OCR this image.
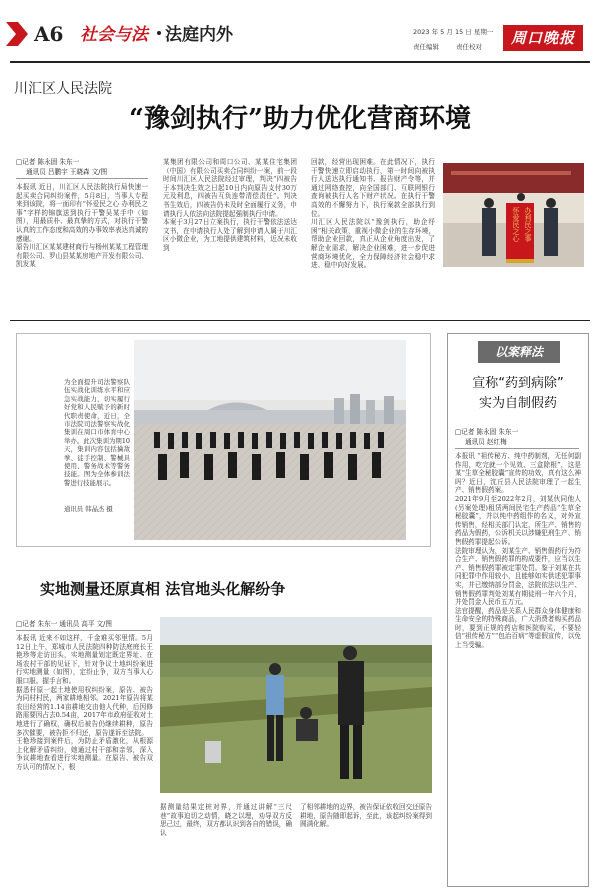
A6 社会与法 法庭内外	2023 年 5 月 15 日 星期一
责任编辑	责任校对	周口晚报
川汇区人民法院
“豫剑执行”助力优化营商环境
□记者 陈永固 朱东一
通讯员 吕鹏宇 王晓森 文/图
本报讯 近日，川汇区人民法院执行局快速一起买卖合同纠纷案件，5月8日，当事人专程来到该院，将一面印有“怀爱民之心 办利民之事”字样的锦旗送到执行干警吴某手中（如图），用最质朴、最真挚的方式，对执行干警认真的工作态度和高效的办事效率表达真诚的感谢。
原告川汇区某某建材商行与杨州某某工程管理有限公司、罗山县某某房地产开发有限公司、凯发某
某集团有限公司和周口公司、某某住宅集团（中国）有限公司买卖合同纠纷一案，前一段时间川汇区人民法院经过审理，判决“四被告于本判决生效之日起10日内向原告支付30万元及利息，四被告互负连带清偿责任”。判决书生效后，四被告仍未及时全面履行义务，申请执行人依法向法院提起强制执行申请。
本案于3月27日立案执行，执行干警依法送达文书，在申请执行人处了解到申请人属于川汇区小微企业，为工地提供建筑材料，近况未收到
回款，经营出现困难。在此情况下，执行干警快速立即启动执行，第一时间向被执行人送达执行通知书、报告财产令等，并通过网络查控，向全国部门、互联网银行查询被执行人名下财产状况。在执行干警高效的不懈努力下，执行案款全部执行到位。
川汇区人民法院以“豫剑执行，助企纾困”相关政策，重视小微企业的生存环境，帮助企业回款，真正从企业角度出发，了解企业需求，解决企业困难，进一步促进营商环境优化，全力保障经济社会稳中求进、稳中向好发展。
怀爱民之心 办利民之事
为全面提升司法警察队伍实战化训练水平和应急实战能力，切实履行好党和人民赋予的新时代职责使命，近日，全市法院司法警察实战化集训在周口市体育中心举办。此次集训为期10天，集训内容包括擒敌拳、徒手控制、警械具使用、警务战术等警务技能。图为全体参训法警进行技能展示。
通讯员 韩晶杰 摄
实地测量还原真相 法官地头化解纷争
□记者 朱东一 通讯员 高平 文/图
本报讯 近来不如这样，千金难买邻里情。5月12日上午，郑城市人民法院四种防法庭庭长王艳珍等走访田头，实地测量划定既定界址、在场农村干部的见证下，针对争议土地纠纷案进行实地测量（如图），定纷止争，双方当事人心服口服。握手言和。
据悉杆原一起土地使用权纠纷案，原告、被告为同村村民，两家耕地相邻。2021年原告将某农田经营的1.14亩耕地交由他人代种，后因修路需要因占去0.54亩，2017年市政府征收对土地进行了确权，确权后被告仍继续耕种，原告多次催要，被告拒不归还，原告遂诉至法院。
王艳珍接到案件后，为防止矛盾激化，从根源上化解矛盾纠纷，她通过村干部和亲邻，深入争议耕地查看进行实地测量。在原告、被告双方认可的情况下，根
据测量结果定桩对界，并通过讲解“三尺巷”故事迫切之动情，晓之以理，劝导双方反思己过，最终，双方都认识到各自的错误，确认
了相邻耕地的边界，被告保证依收回交还原告耕地，原告随即起诉，至此，该起纠纷案得到圆满化解。
以案释法
宣称“药到病除”
实为自制假药
□记者 陈永固 朱东一
通讯员 赵红梅
本报讯 “祖传秘方、纯中药制剂，无任何副作用，吃完就一个见效、三盒除根”，这是某“生草全秘胶囊”宣传的功效，真有这么神吗？近日，沈丘县人民法院审理了一起生产、销售假药案。
2021年9月至2022年2月，刘某伙同他人(另案处理)租赁两间民宅生产药品“生草全秘胶囊”，并以纯中药组作的名义，对外宣传销售，经相关部门认定，所生产、销售的药品为假药，公诉机关以涉嫌犯刑生产、销售假药罪提起公诉。
法院审理认为，刘某生产、销售假药行为符合生产、销售假药罪的构成要件，应当以生产、销售假药罪被定罪处罚。鉴于刘某在共同犯罪中作用较小，且能够如实供述犯罪事实，并已缴纳部分罚金，法院依法以生产、销售假药罪判处刘某有期徒刑一年六个月，并处罚金人民币五万元。
法官提醒，药品是关系人民群众身体健康和生命安全的特殊商品，广大消费者购买药品时，要到正规的药店和医院购买，不要轻信“祖传秘方”“包治百病”等虚假宣传，以免上当受骗。
